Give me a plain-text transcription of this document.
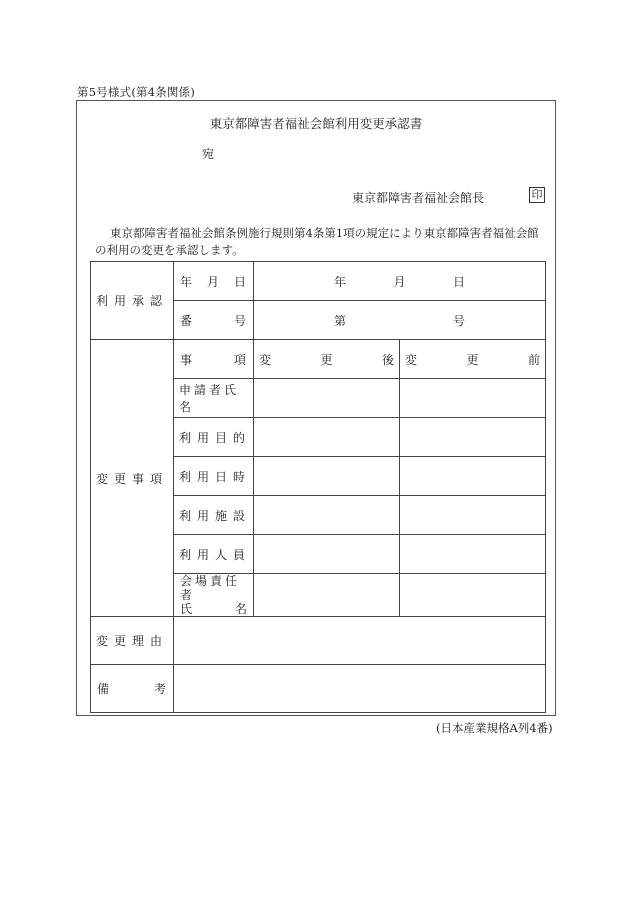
第5号様式(第4条関係)
東京都障害者福祉会館利用変更承認書
宛
東京都障害者福祉会館長	印
東京都障害者福祉会館条例施行規則第4条第1項の規定により東京都障害者福祉会館の利用の変更を承認します。
利用承認	年 月 日	年 月 日	

	番 号	第 号	

変更事項	事 項	変 更 後	変 更 前

	申請者氏名		
	利用目的		
	利用日時		
	利用施設		
	利用人員		

	会場責任者
氏 名		

変更理由			

備 考			

(日本産業規格A列4番)
